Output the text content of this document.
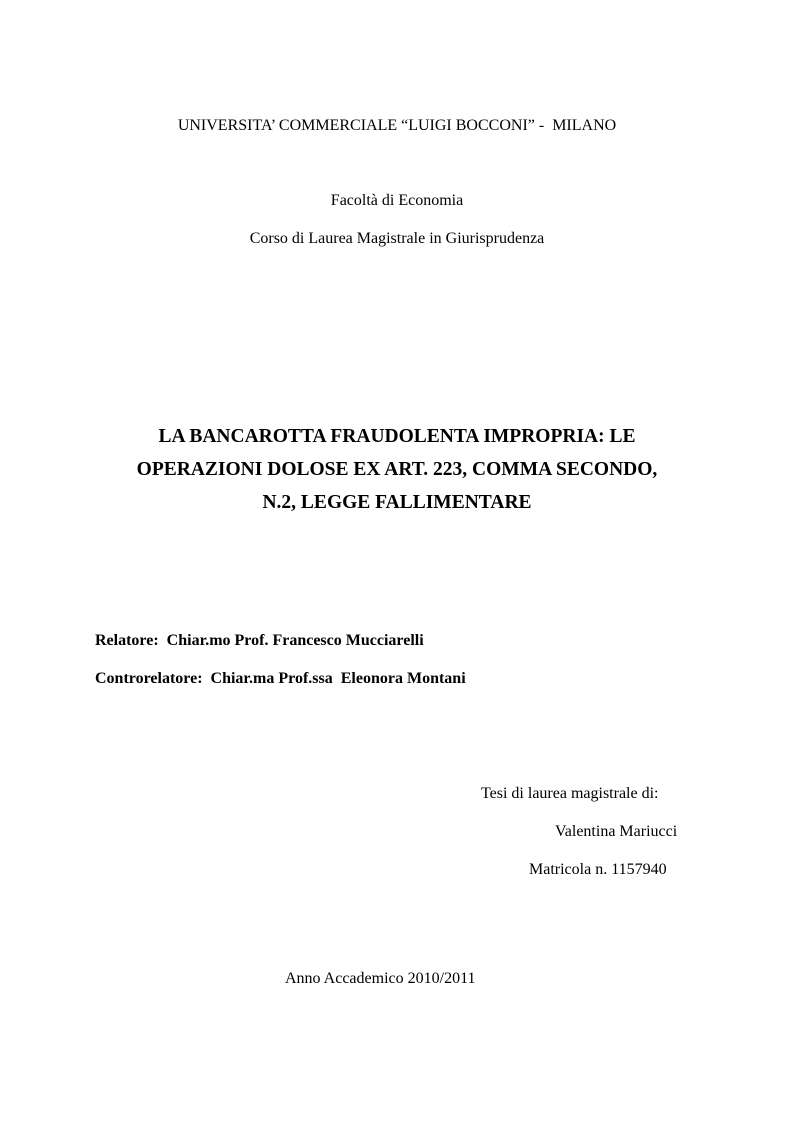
UNIVERSITA’ COMMERCIALE “LUIGI BOCCONI” -  MILANO
Facoltà di Economia
Corso di Laurea Magistrale in Giurisprudenza
LA BANCAROTTA FRAUDOLENTA IMPROPRIA: LE
OPERAZIONI DOLOSE EX ART. 223, COMMA SECONDO,
N.2, LEGGE FALLIMENTARE
Relatore:  Chiar.mo Prof. Francesco Mucciarelli
Controrelatore:  Chiar.ma Prof.ssa  Eleonora Montani
Tesi di laurea magistrale di:
Valentina Mariucci
Matricola n. 1157940
Anno Accademico 2010/2011
